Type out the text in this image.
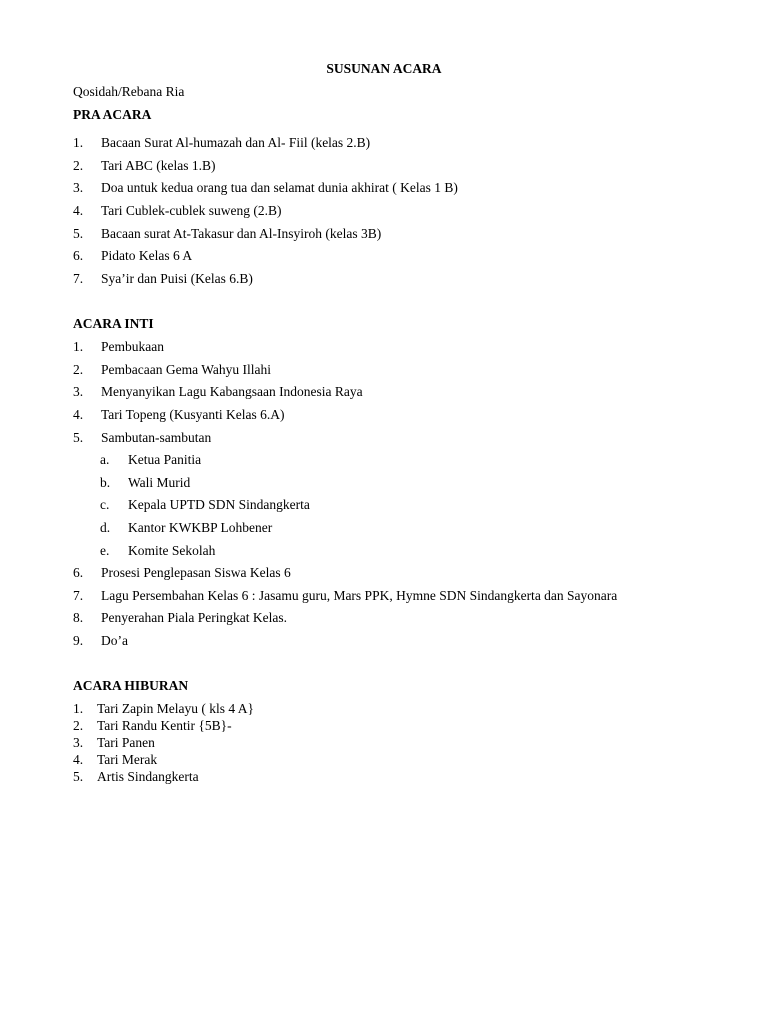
SUSUNAN ACARA
Qosidah/Rebana Ria
PRA ACARA
1. Bacaan Surat Al-humazah dan Al- Fiil (kelas 2.B)
2. Tari ABC (kelas 1.B)
3. Doa untuk kedua orang tua dan selamat dunia akhirat ( Kelas 1 B)
4. Tari Cublek-cublek suweng (2.B)
5. Bacaan surat At-Takasur dan Al-Insyiroh (kelas 3B)
6. Pidato Kelas 6 A
7. Sya’ir dan Puisi (Kelas 6.B)
ACARA INTI
1. Pembukaan
2. Pembacaan Gema Wahyu Illahi
3. Menyanyikan Lagu Kabangsaan Indonesia Raya
4. Tari Topeng (Kusyanti Kelas 6.A)
5. Sambutan-sambutan
a. Ketua Panitia
b. Wali Murid
c. Kepala UPTD SDN Sindangkerta
d. Kantor KWKBP Lohbener
e. Komite Sekolah
6. Prosesi Penglepasan Siswa Kelas 6
7. Lagu Persembahan Kelas 6 : Jasamu guru, Mars PPK, Hymne SDN Sindangkerta dan Sayonara
8. Penyerahan Piala Peringkat Kelas.
9. Do’a
ACARA HIBURAN
1. Tari Zapin Melayu ( kls 4 A}
2. Tari Randu Kentir {5B}-
3. Tari Panen
4. Tari Merak
5. Artis Sindangkerta
